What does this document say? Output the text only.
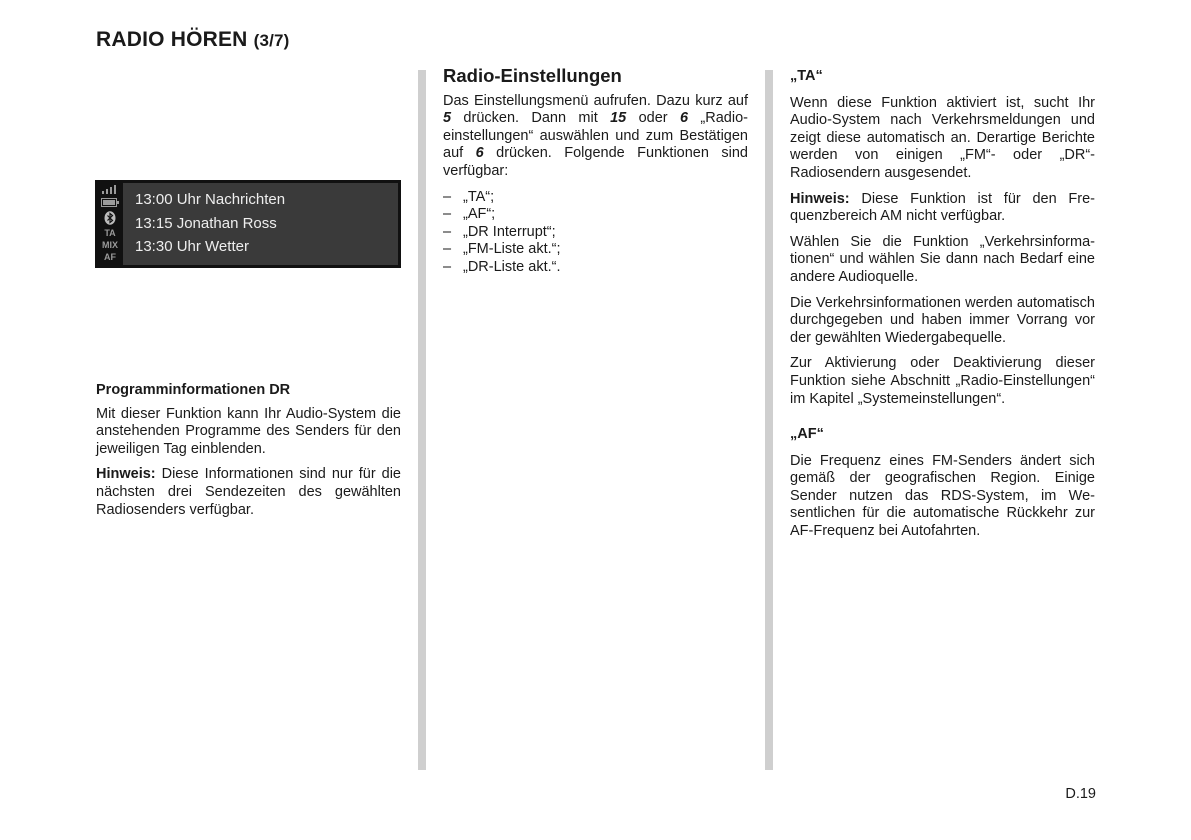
RADIO HÖREN (3/7)
TA
MIX
AF
13:00 Uhr Nachrichten
13:15 Jonathan Ross
13:30 Uhr Wetter
Programminformationen DR

Mit dieser Funktion kann Ihr Audio-System die anstehenden Programme des Senders für den jeweiligen Tag einblenden.

Hinweis: Diese Informationen sind nur für die nächsten drei Sendezeiten des gewählten Radiosenders verfügbar.

Radio-Einstellungen

Das Einstellungsmenü aufrufen. Dazu kurz auf 5 drücken. Dann mit 15 oder 6 „Radioeinstellungen“ auswählen und zum Bestätigen auf 6 drücken. Folgende Funktionen sind verfügbar:

– „TA“;
– „AF“;
– „DR Interrupt“;
– „FM-Liste akt.“;
– „DR-Liste akt.“.
„TA“

Wenn diese Funktion aktiviert ist, sucht Ihr Audio-System nach Verkehrsmeldungen und zeigt diese automatisch an. Derartige Berichte werden von einigen „FM“- oder „DR“-Radiosendern ausgesendet.

Hinweis: Diese Funktion ist für den Frequenzbereich AM nicht verfügbar.

Wählen Sie die Funktion „Verkehrsinformationen“ und wählen Sie dann nach Bedarf eine andere Audioquelle.

Die Verkehrsinformationen werden automatisch durchgegeben und haben immer Vorrang vor der gewählten Wiedergabequelle.

Zur Aktivierung oder Deaktivierung dieser Funktion siehe Abschnitt „Radio-Einstellungen“ im Kapitel „Systemeinstellungen“.

„AF“

Die Frequenz eines FM-Senders ändert sich gemäß der geografischen Region. Einige Sender nutzen das RDS-System, im Wesentlichen für die automatische Rückkehr zur AF-Frequenz bei Autofahrten.

D.19
